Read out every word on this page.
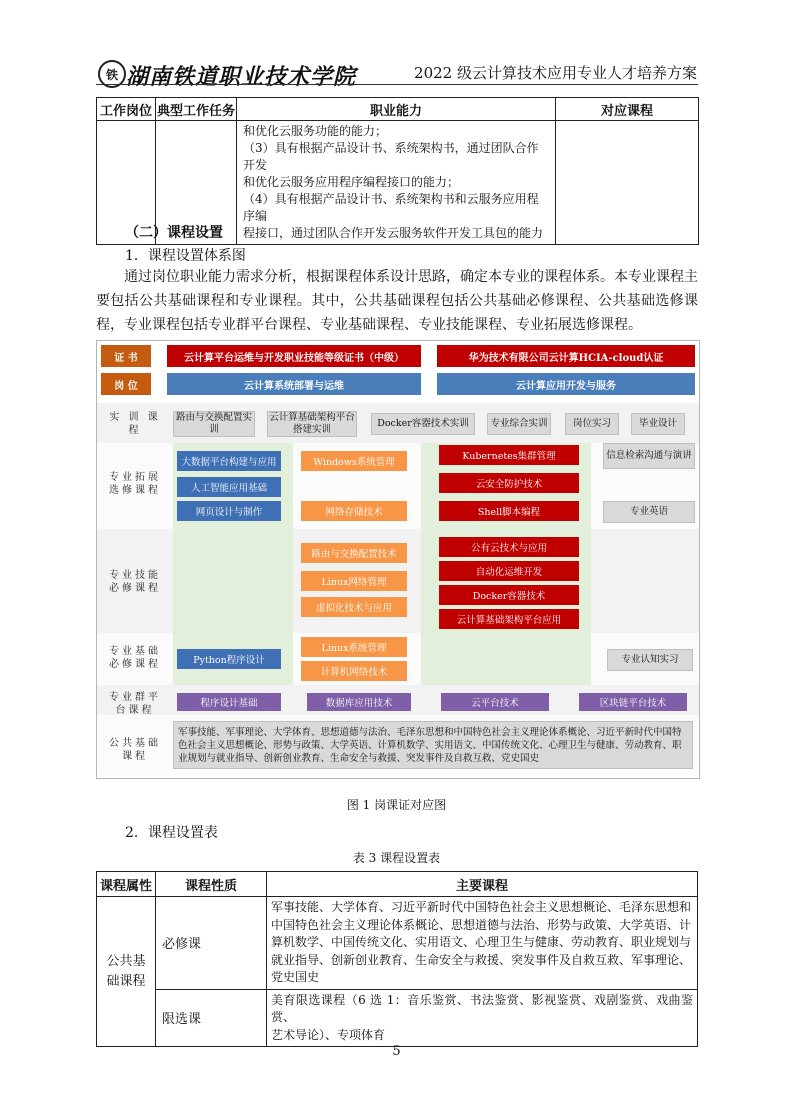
铁 湖南铁道职业技术学院	2022 级云计算技术应用专业人才培养方案
工作岗位	典型工作任务	职业能力	对应课程

		和优化云服务功能的能力；
（3）具有根据产品设计书、系统架构书，通过团队合作开发
和优化云服务应用程序编程接口的能力；
（4）具有根据产品设计书、系统架构书和云服务应用程序编
程接口，通过团队合作开发云服务软件开发工具包的能力	

（二）课程设置
1．课程设置体系图
通过岗位职业能力需求分析，根据课程体系设计思路，确定本专业的课程体系。本专业课程主要包括公共基础课程和专业课程。其中，公共基础课程包括公共基础必修课程、公共基础选修课程，专业课程包括专业群平台课程、专业基础课程、专业技能课程、专业拓展选修课程。
证 书	云计算平台运维与开发职业技能等级证书（中级）	华为技术有限公司云计算HCIA-cloud认证
岗 位	云计算系统部署与运维	云计算应用开发与服务
实 训 课 程
路由与交换配置实训
云计算基础架构平台搭建实训
Docker容器技术实训	专业综合实训	岗位实习	毕业设计
专业拓展选修课程
大数据平台构建与应用
人工智能应用基础
网页设计与制作
Windows系统管理
网络存储技术
Kubernetes集群管理
云安全防护技术
Shell脚本编程
信息检索沟通与演讲
专业英语
专业技能必修课程
路由与交换配置技术
Linux网络管理
虚拟化技术与应用
公有云技术与应用
自动化运维开发
Docker容器技术
云计算基础架构平台应用
专业基础必修课程	Python程序设计
Linux系统管理
计算机网络技术
专业认知实习
专业群平台课程
程序设计基础	数据库应用技术	云平台技术	区块链平台技术
公共基础课程
军事技能、军事理论、大学体育、思想道德与法治、毛泽东思想和中国特色社会主义理论体系概论、习近平新时代中国特色社会主义思想概论、形势与政策、大学英语、计算机数学、实用语文、中国传统文化、心理卫生与健康、劳动教育、职业规划与就业指导、创新创业教育、生命安全与救援、突发事件及自救互救、党史国史
图 1 岗课证对应图
2．课程设置表
表 3 课程设置表
课程属性	课程性质	主要课程
公共基础课程	必修课	军事技能、大学体育、习近平新时代中国特色社会主义思想概论、毛泽东思想和
中国特色社会主义理论体系概论、思想道德与法治、形势与政策、大学英语、计
算机数学、中国传统文化、实用语文、心理卫生与健康、劳动教育、职业规划与
就业指导、创新创业教育、生命安全与救援、突发事件及自救互救、军事理论、
党史国史

	限选课	美育限选课程（6 选 1：音乐鉴赏、书法鉴赏、影视鉴赏、戏剧鉴赏、戏曲鉴赏、
艺术导论）、专项体育
5
